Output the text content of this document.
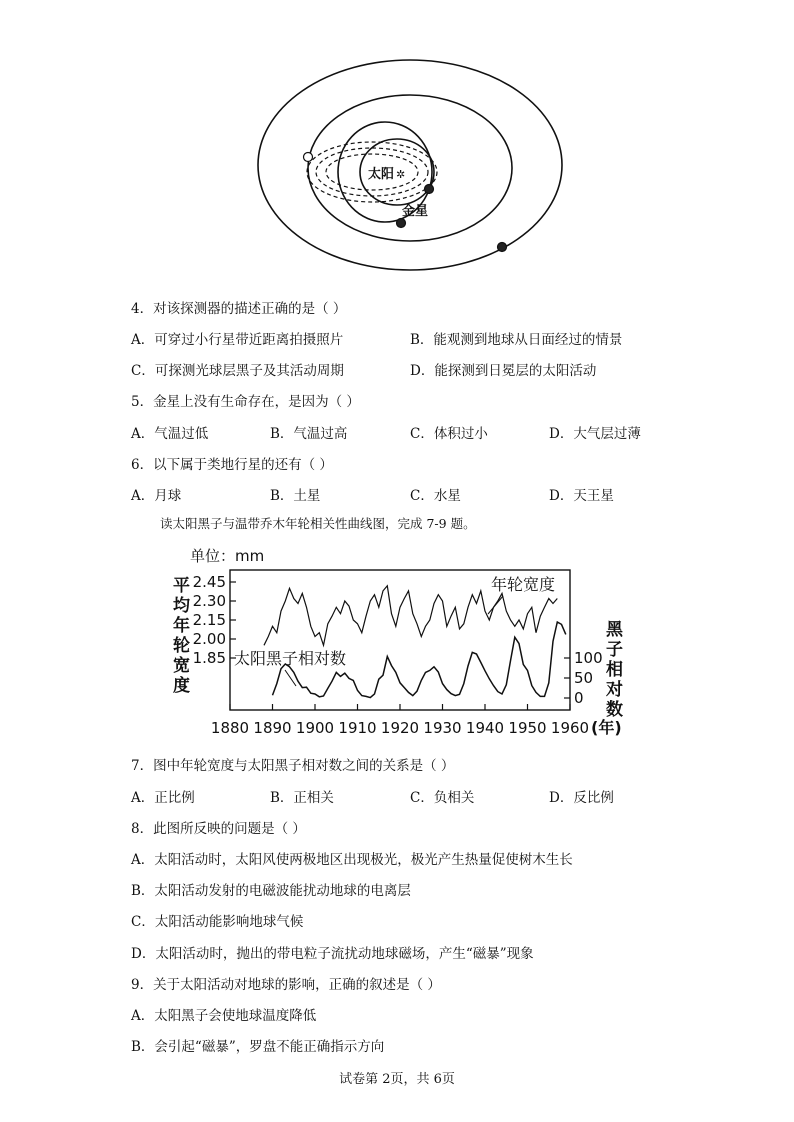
太阳 ✲
金星
4．对该探测器的描述正确的是（ ）
A．可穿过小行星带近距离拍摄照片	B．能观测到地球从日面经过的情景
C．可探测光球层黑子及其活动周期	D．能探测到日冕层的太阳活动
5．金星上没有生命存在，是因为（ ）
A．气温过低	B．气温过高	C．体积过小	D．大气层过薄
6．以下属于类地行星的还有（ ）
A．月球	B．土星	C．水星	D．天王星
读太阳黑子与温带乔木年轮相关性曲线图，完成 7-9 题。
单位：mm
平
均
年
轮
宽
度
黑
子
相
对
数
2.45
2.30
2.15
2.00
1.85	100
50
0
1880 1890 1900 1910 1920 1930 1940 1950 1960 (年)
年轮宽度
太阳黑子相对数
7．图中年轮宽度与太阳黑子相对数之间的关系是（ ）
A．正比例	B．正相关	C．负相关	D．反比例
8．此图所反映的问题是（ ）
A．太阳活动时，太阳风使两极地区出现极光，极光产生热量促使树木生长
B．太阳活动发射的电磁波能扰动地球的电离层
C．太阳活动能影响地球气候
D．太阳活动时，抛出的带电粒子流扰动地球磁场，产生“磁暴”现象
9．关于太阳活动对地球的影响，正确的叙述是（ ）
A．太阳黑子会使地球温度降低
B．会引起“磁暴”，罗盘不能正确指示方向
试卷第 2页，共 6页
